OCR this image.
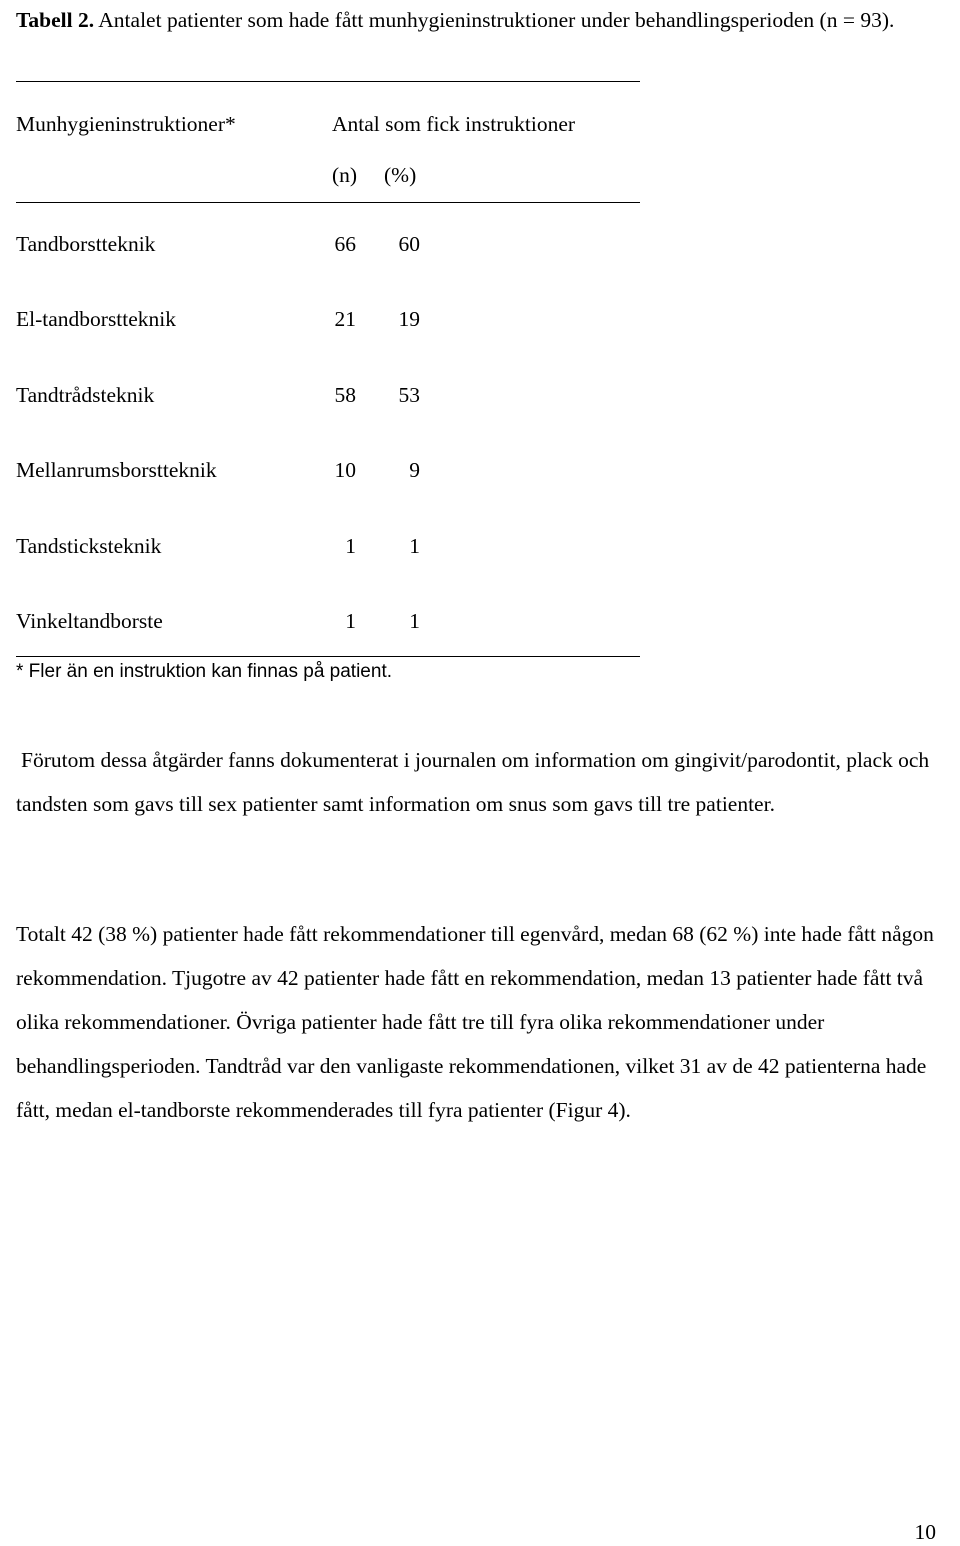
Tabell 2. Antalet patienter som hade fått munhygieninstruktioner under behandlingsperioden (n = 93).
Munhygieninstruktioner*	Antal som fick instruktioner
(n) (%)
Tandborstteknik	66	60
El-tandborstteknik	21	19
Tandtrådsteknik	58	53
Mellanrumsborstteknik	10	9
Tandsticksteknik	1	1
Vinkeltandborste	1	1
* Fler än en instruktion kan finnas på patient.

Förutom dessa åtgärder fanns dokumenterat i journalen om information om gingivit/parodontit, plack och tandsten som gavs till sex patienter samt information om snus som gavs till tre patienter.

Totalt 42 (38 %) patienter hade fått rekommendationer till egenvård, medan 68 (62 %) inte hade fått någon rekommendation. Tjugotre av 42 patienter hade fått en rekommendation, medan 13 patienter hade fått två olika rekommendationer. Övriga patienter hade fått tre till fyra olika rekommendationer under behandlingsperioden. Tandtråd var den vanligaste rekommendationen, vilket 31 av de 42 patienterna hade fått, medan el-tandborste rekommenderades till fyra patienter (Figur 4).

10
